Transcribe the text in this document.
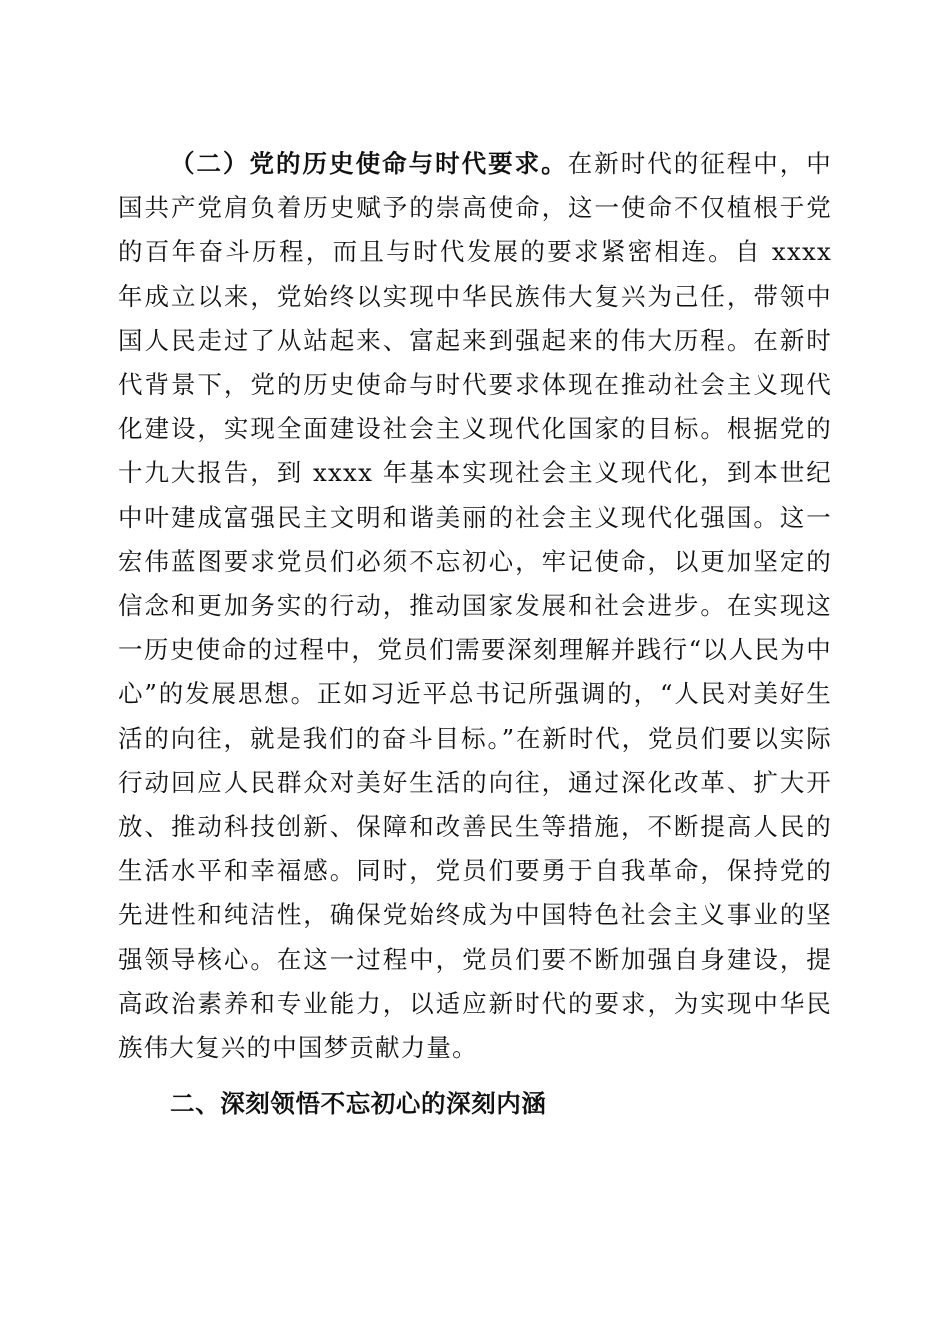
（二）党的历史使命与时代要求。在新时代的征程中，中国共产党肩负着历史赋予的崇高使命，这一使命不仅植根于党的百年奋斗历程，而且与时代发展的要求紧密相连。自 xxxx 年成立以来，党始终以实现中华民族伟大复兴为己任，带领中国人民走过了从站起来、富起来到强起来的伟大历程。在新时代背景下，党的历史使命与时代要求体现在推动社会主义现代化建设，实现全面建设社会主义现代化国家的目标。根据党的十九大报告，到 xxxx 年基本实现社会主义现代化，到本世纪中叶建成富强民主文明和谐美丽的社会主义现代化强国。这一宏伟蓝图要求党员们必须不忘初心，牢记使命，以更加坚定的信念和更加务实的行动，推动国家发展和社会进步。在实现这一历史使命的过程中，党员们需要深刻理解并践行“以人民为中心”的发展思想。正如习近平总书记所强调的，“人民对美好生活的向往，就是我们的奋斗目标。”在新时代，党员们要以实际行动回应人民群众对美好生活的向往，通过深化改革、扩大开放、推动科技创新、保障和改善民生等措施，不断提高人民的生活水平和幸福感。同时，党员们要勇于自我革命，保持党的先进性和纯洁性，确保党始终成为中国特色社会主义事业的坚强领导核心。在这一过程中，党员们要不断加强自身建设，提高政治素养和专业能力，以适应新时代的要求，为实现中华民族伟大复兴的中国梦贡献力量。

二、深刻领悟不忘初心的深刻内涵
